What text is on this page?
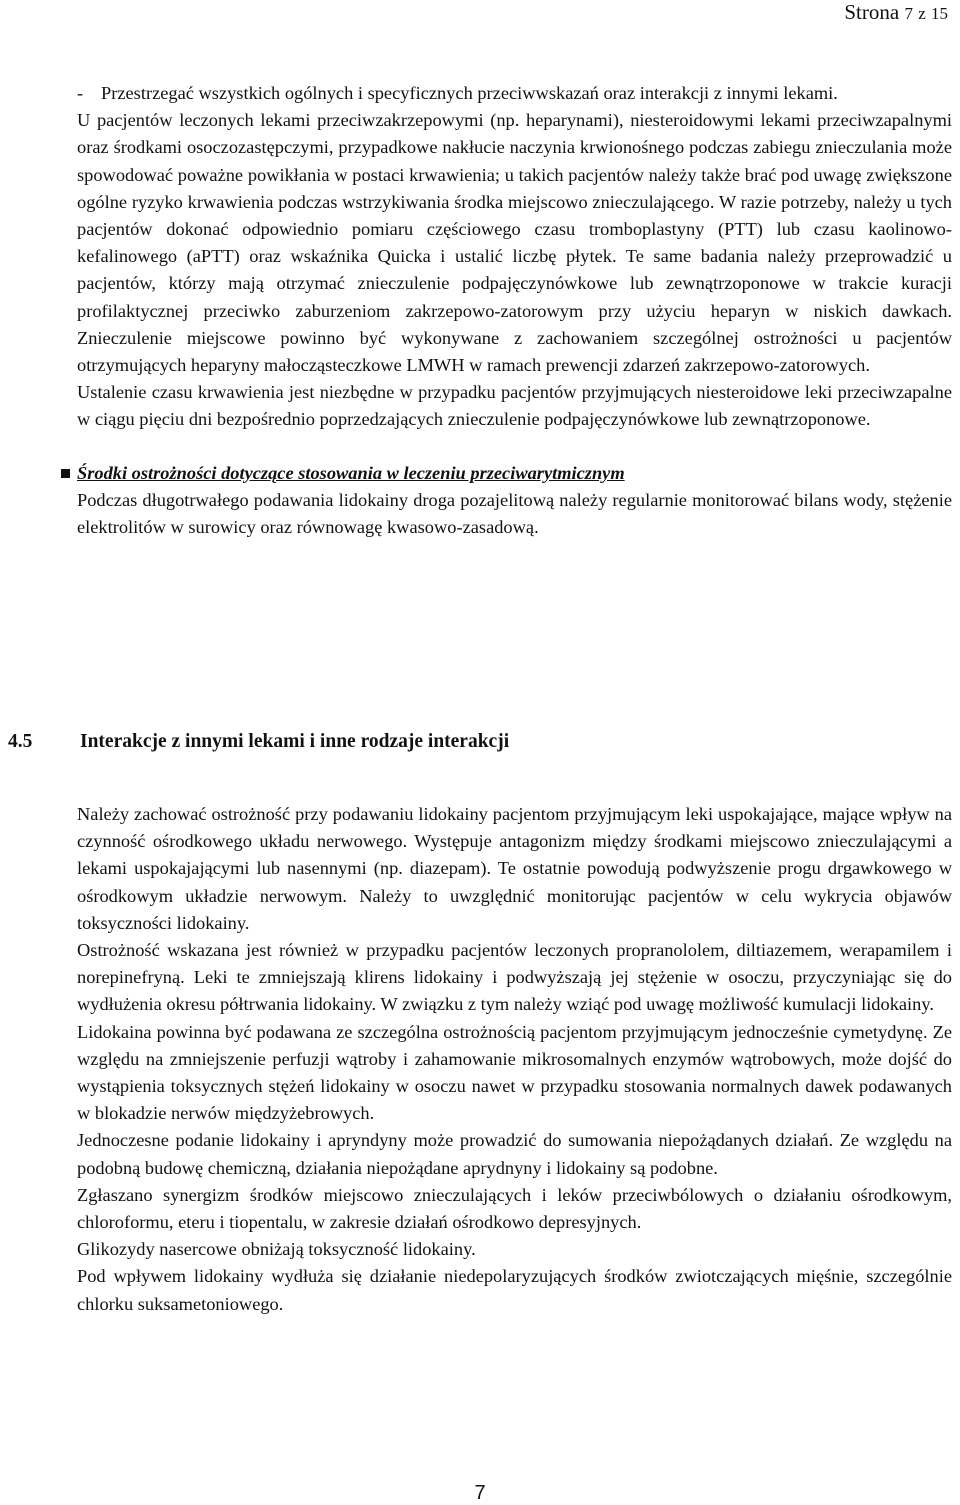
Strona 7 z 15

- Przestrzegać wszystkich ogólnych i specyficznych przeciwwskazań oraz interakcji z innymi lekami.

U pacjentów leczonych lekami przeciwzakrzepowymi (np. heparynami), niesteroidowymi lekami przeciwzapalnymi oraz środkami osoczozastępczymi, przypadkowe nakłucie naczynia krwionośnego podczas zabiegu znieczulania może spowodować poważne powikłania w postaci krwawienia; u takich pacjentów należy także brać pod uwagę zwiększone ogólne ryzyko krwawienia podczas wstrzykiwania środka miejscowo znieczulającego. W razie potrzeby, należy u tych pacjentów dokonać odpowiednio pomiaru częściowego czasu tromboplastyny (PTT) lub czasu kaolinowo-kefalinowego (aPTT) oraz wskaźnika Quicka i ustalić liczbę płytek. Te same badania należy przeprowadzić u pacjentów, którzy mają otrzymać znieczulenie podpajęczynówkowe lub zewnątrzoponowe w trakcie kuracji profilaktycznej przeciwko zaburzeniom zakrzepowo-zatorowym przy użyciu heparyn w niskich dawkach. Znieczulenie miejscowe powinno być wykonywane z zachowaniem szczególnej ostrożności u pacjentów otrzymujących heparyny małocząsteczkowe LMWH w ramach prewencji zdarzeń zakrzepowo-zatorowych.

Ustalenie czasu krwawienia jest niezbędne w przypadku pacjentów przyjmujących niesteroidowe leki przeciwzapalne w ciągu pięciu dni bezpośrednio poprzedzających znieczulenie podpajęczynówkowe lub zewnątrzoponowe.

Środki ostrożności dotyczące stosowania w leczeniu przeciwarytmicznym

Podczas długotrwałego podawania lidokainy droga pozajelitową należy regularnie monitorować bilans wody, stężenie elektrolitów w surowicy oraz równowagę kwasowo-zasadową.

4.5 Interakcje z innymi lekami i inne rodzaje interakcji

Należy zachować ostrożność przy podawaniu lidokainy pacjentom przyjmującym leki uspokajające, mające wpływ na czynność ośrodkowego układu nerwowego. Występuje antagonizm między środkami miejscowo znieczulającymi a lekami uspokajającymi lub nasennymi (np. diazepam). Te ostatnie powodują podwyższenie progu drgawkowego w ośrodkowym układzie nerwowym. Należy to uwzględnić monitorując pacjentów w celu wykrycia objawów toksyczności lidokainy.

Ostrożność wskazana jest również w przypadku pacjentów leczonych propranololem, diltiazemem, werapamilem i norepinefryną. Leki te zmniejszają klirens lidokainy i podwyższają jej stężenie w osoczu, przyczyniając się do wydłużenia okresu półtrwania lidokainy. W związku z tym należy wziąć pod uwagę możliwość kumulacji lidokainy.

Lidokaina powinna być podawana ze szczególna ostrożnością pacjentom przyjmującym jednocześnie cymetydynę. Ze względu na zmniejszenie perfuzji wątroby i zahamowanie mikrosomalnych enzymów wątrobowych, może dojść do wystąpienia toksycznych stężeń lidokainy w osoczu nawet w przypadku stosowania normalnych dawek podawanych w blokadzie nerwów międzyżebrowych.

Jednoczesne podanie lidokainy i apryndyny może prowadzić do sumowania niepożądanych działań. Ze względu na podobną budowę chemiczną, działania niepożądane aprydnyny i lidokainy są podobne.

Zgłaszano synergizm środków miejscowo znieczulających i leków przeciwbólowych o działaniu ośrodkowym, chloroformu, eteru i tiopentalu, w zakresie działań ośrodkowo depresyjnych.

Glikozydy nasercowe obniżają toksyczność lidokainy.

Pod wpływem lidokainy wydłuża się działanie niedepolaryzujących środków zwiotczających mięśnie, szczególnie chlorku suksametoniowego.

7
